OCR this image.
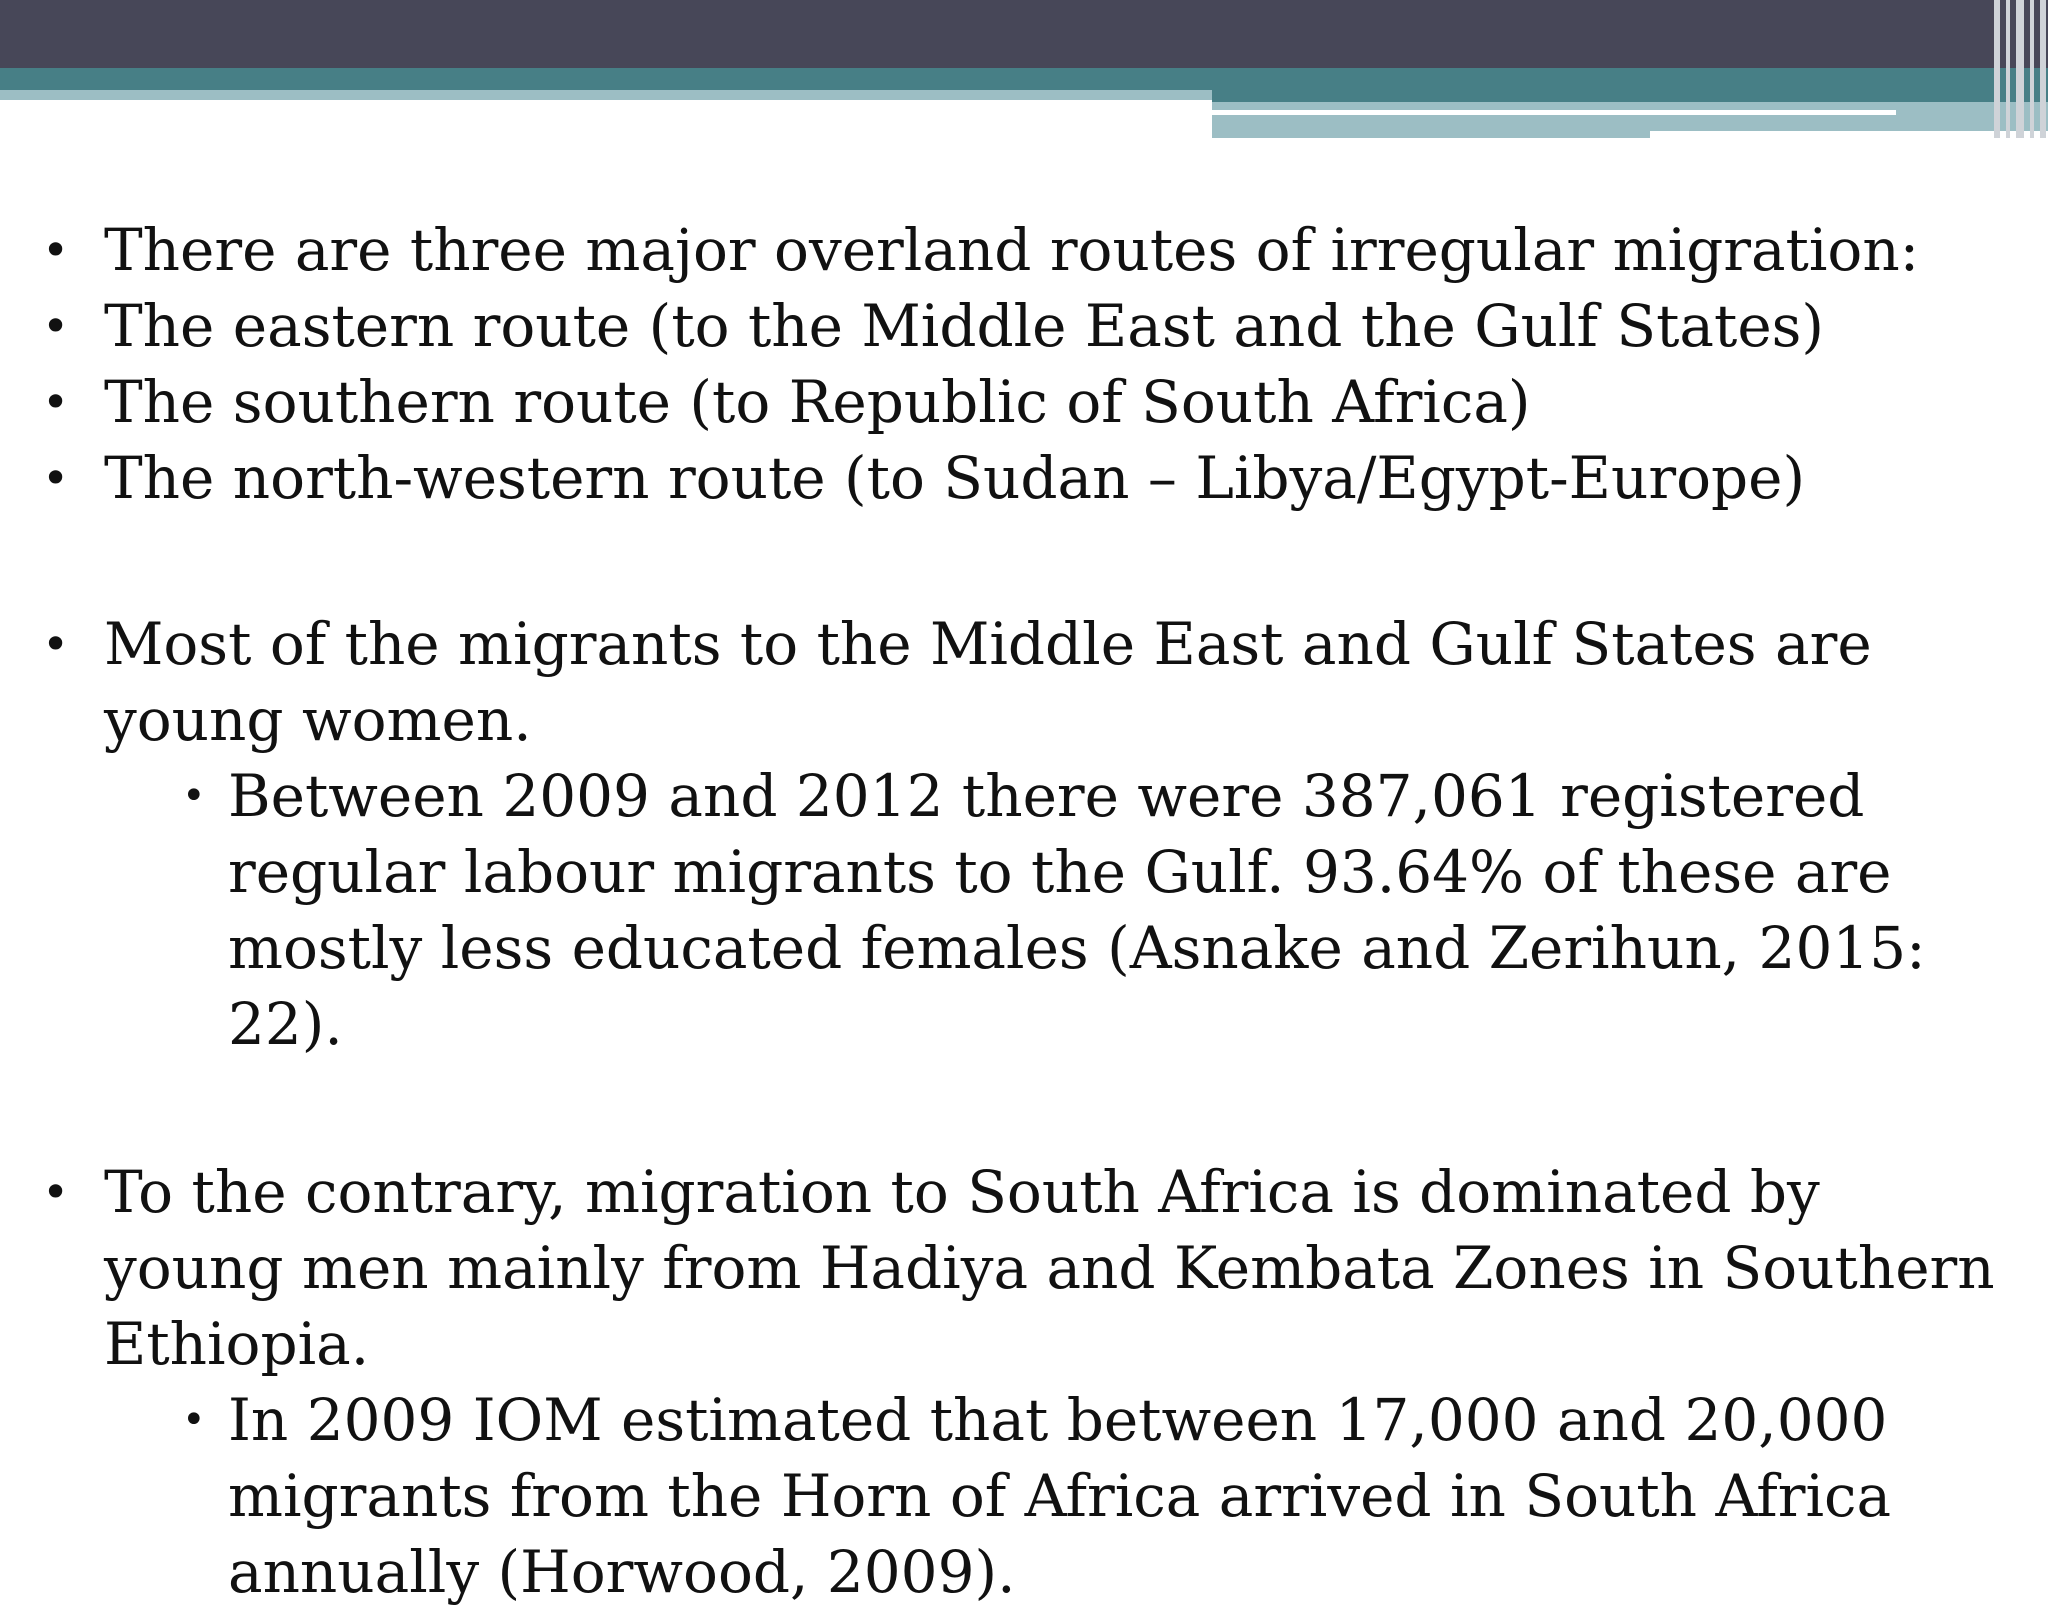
• There are three major overland routes of irregular migration:
• The eastern route (to the Middle East and the Gulf States)
• The southern route (to Republic of South Africa)
• The north-western route (to Sudan – Libya/Egypt-Europe)
• Most of the migrants to the Middle East and Gulf States are young women.
• Between 2009 and 2012 there were 387,061 registered regular labour migrants to the Gulf. 93.64% of these are mostly less educated females (Asnake and Zerihun, 2015: 22).
• To the contrary, migration to South Africa is dominated by young men mainly from Hadiya and Kembata Zones in Southern Ethiopia.
• In 2009 IOM estimated that between 17,000 and 20,000 migrants from the Horn of Africa arrived in South Africa annually (Horwood, 2009).
